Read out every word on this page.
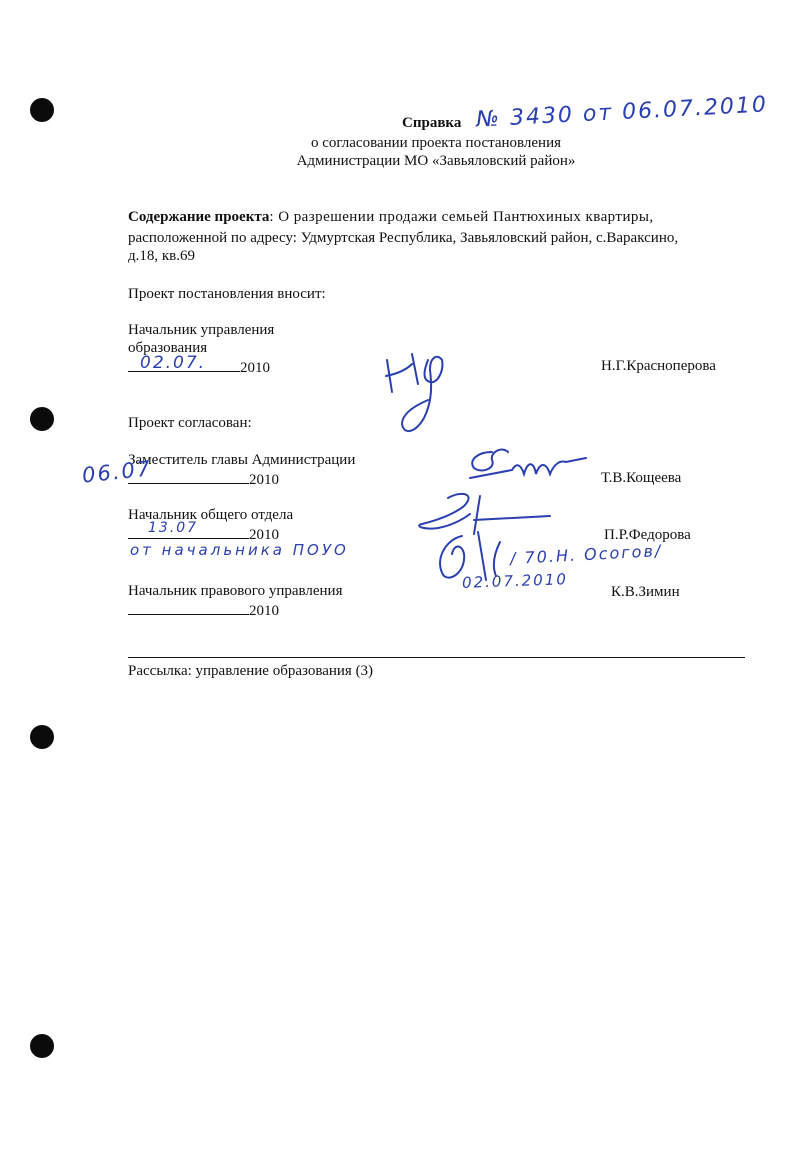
Справка № 3430 от 06.07.2010
о согласовании проекта постановления
Администрации МО «Завьяловский район»
Содержание проекта: О разрешении продажи семьей Пантюхиных квартиры,
расположенной по адресу: Удмуртская Республика, Завьяловский район, с.Вараксино,
д.18, кв.69
Проект постановления вносит:
Начальник управления
образования
2010
02.07.	Н.Г.Красноперова
Проект согласован:
Заместитель главы Администрации
2010
06.07	Т.В.Кощеева
Начальник общего отдела
2010
13.07
от начальника ПОУО
П.Р.Федорова
/ 70.Н. Осогов/
02.07.2010
Начальник правового управления
2010
К.В.Зимин
Рассылка: управление образования (3)
